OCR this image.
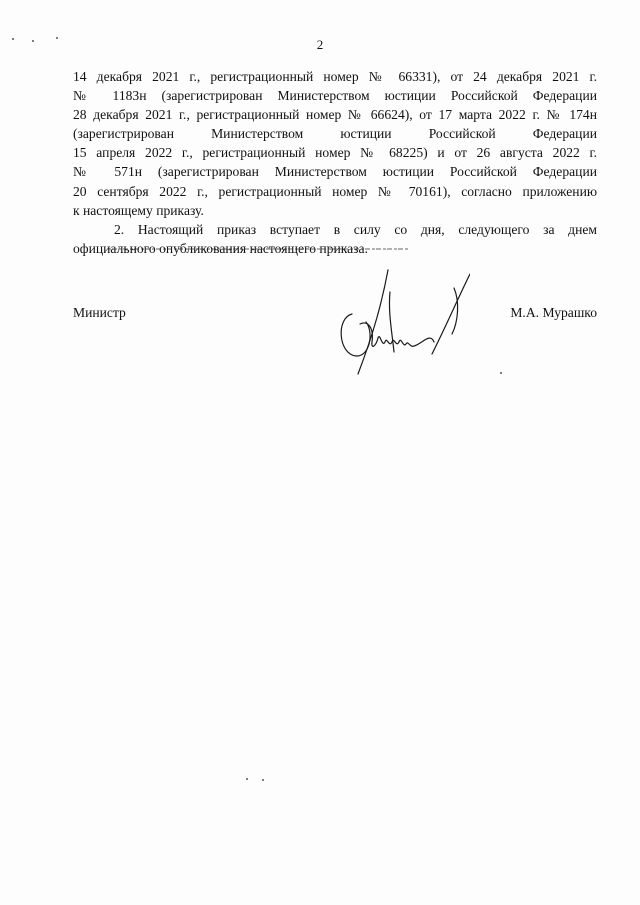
2
14 декабря 2021 г., регистрационный номер № 66331), от 24 декабря 2021 г.
№ 1183н (зарегистрирован Министерством юстиции Российской Федерации
28 декабря 2021 г., регистрационный номер № 66624), от 17 марта 2022 г. № 174н
(зарегистрирован Министерством юстиции Российской Федерации
15 апреля 2022 г., регистрационный номер № 68225) и от 26 августа 2022 г.
№ 571н (зарегистрирован Министерством юстиции Российской Федерации
20 сентября 2022 г., регистрационный номер № 70161), согласно приложению
к настоящему приказу.
2. Настоящий приказ вступает в силу со дня, следующего за днем
официального опубликования настоящего приказа.
Министр	М.А. Мурашко
